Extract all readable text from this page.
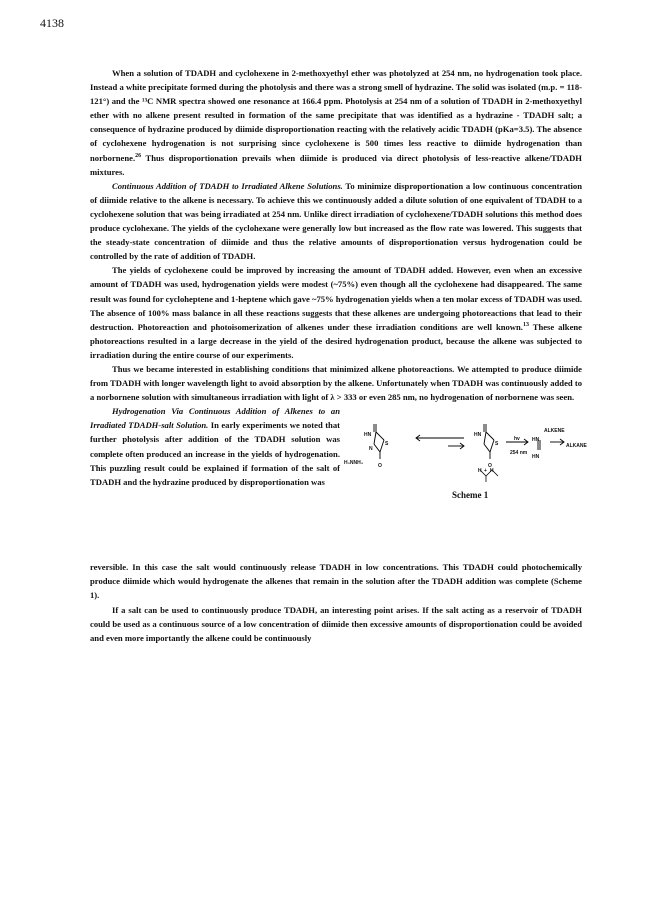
4138

When a solution of TDADH and cyclohexene in 2-methoxyethyl ether was photolyzed at 254 nm, no hydrogenation took place. Instead a white precipitate formed during the photolysis and there was a strong smell of hydrazine. The solid was isolated (m.p. = 118-121°) and the ¹³C NMR spectra showed one resonance at 166.4 ppm. Photolysis at 254 nm of a solution of TDADH in 2-methoxyethyl ether with no alkene present resulted in formation of the same precipitate that was identified as a hydrazine - TDADH salt; a consequence of hydrazine produced by diimide disproportionation reacting with the relatively acidic TDADH (pKa=3.5). The absence of cyclohexene hydrogenation is not surprising since cyclohexene is 500 times less reactive to diimide hydrogenation than norbornene.$^{26}$ Thus disproportionation prevails when diimide is produced via direct photolysis of less-reactive alkene/TDADH mixtures.

Continuous Addition of TDADH to Irradiated Alkene Solutions. To minimize disproportionation a low continuous concentration of diimide relative to the alkene is necessary. To achieve this we continuously added a dilute solution of one equivalent of TDADH to a cyclohexene solution that was being irradiated at 254 nm. Unlike direct irradiation of cyclohexene/TDADH solutions this method does produce cyclohexane. The yields of the cyclohexane were generally low but increased as the flow rate was lowered. This suggests that the steady-state concentration of diimide and thus the relative amounts of disproportionation versus hydrogenation could be controlled by the rate of addition of TDADH.

The yields of cyclohexene could be improved by increasing the amount of TDADH added. However, even when an excessive amount of TDADH was used, hydrogenation yields were modest (~75%) even though all the cyclohexene had disappeared. The same result was found for cycloheptene and 1-heptene which gave ~75% hydrogenation yields when a ten molar excess of TDADH was used. The absence of 100% mass balance in all these reactions suggests that these alkenes are undergoing photoreactions that lead to their destruction. Photoreaction and photoisomerization of alkenes under these irradiation conditions are well known.$^{13}$ These alkene photoreactions resulted in a large decrease in the yield of the desired hydrogenation product, because the alkene was subjected to irradiation during the entire course of our experiments.

Thus we became interested in establishing conditions that minimized alkene photoreactions. We attempted to produce diimide from TDADH with longer wavelength light to avoid absorption by the alkene. Unfortunately when TDADH was continuously added to a norbornene solution with simultaneous irradiation with light of λ > 333 or even 285 nm, no hydrogenation of norbornene was seen.

Hydrogenation Via Continuous Addition of Alkenes to an Irradiated TDADH-salt Solution. In early experiments we noted that further photolysis after addition of the TDADH solution was complete often produced an increase in the yields of hydrogenation. This puzzling result could be explained if formation of the salt of TDADH and the hydrazine produced by disproportionation was

HN
N
S
O
H₃NNH₃
HN
S
O
hv
254 nm
HN
HN
ALKENE
ALKANE
H H
+
Scheme 1

reversible. In this case the salt would continuously release TDADH in low concentrations. This TDADH could photochemically produce diimide which would hydrogenate the alkenes that remain in the solution after the TDADH addition was complete (Scheme 1).

If a salt can be used to continuously produce TDADH, an interesting point arises. If the salt acting as a reservoir of TDADH could be used as a continuous source of a low concentration of diimide then excessive amounts of disproportionation could be avoided and even more importantly the alkene could be continuously
